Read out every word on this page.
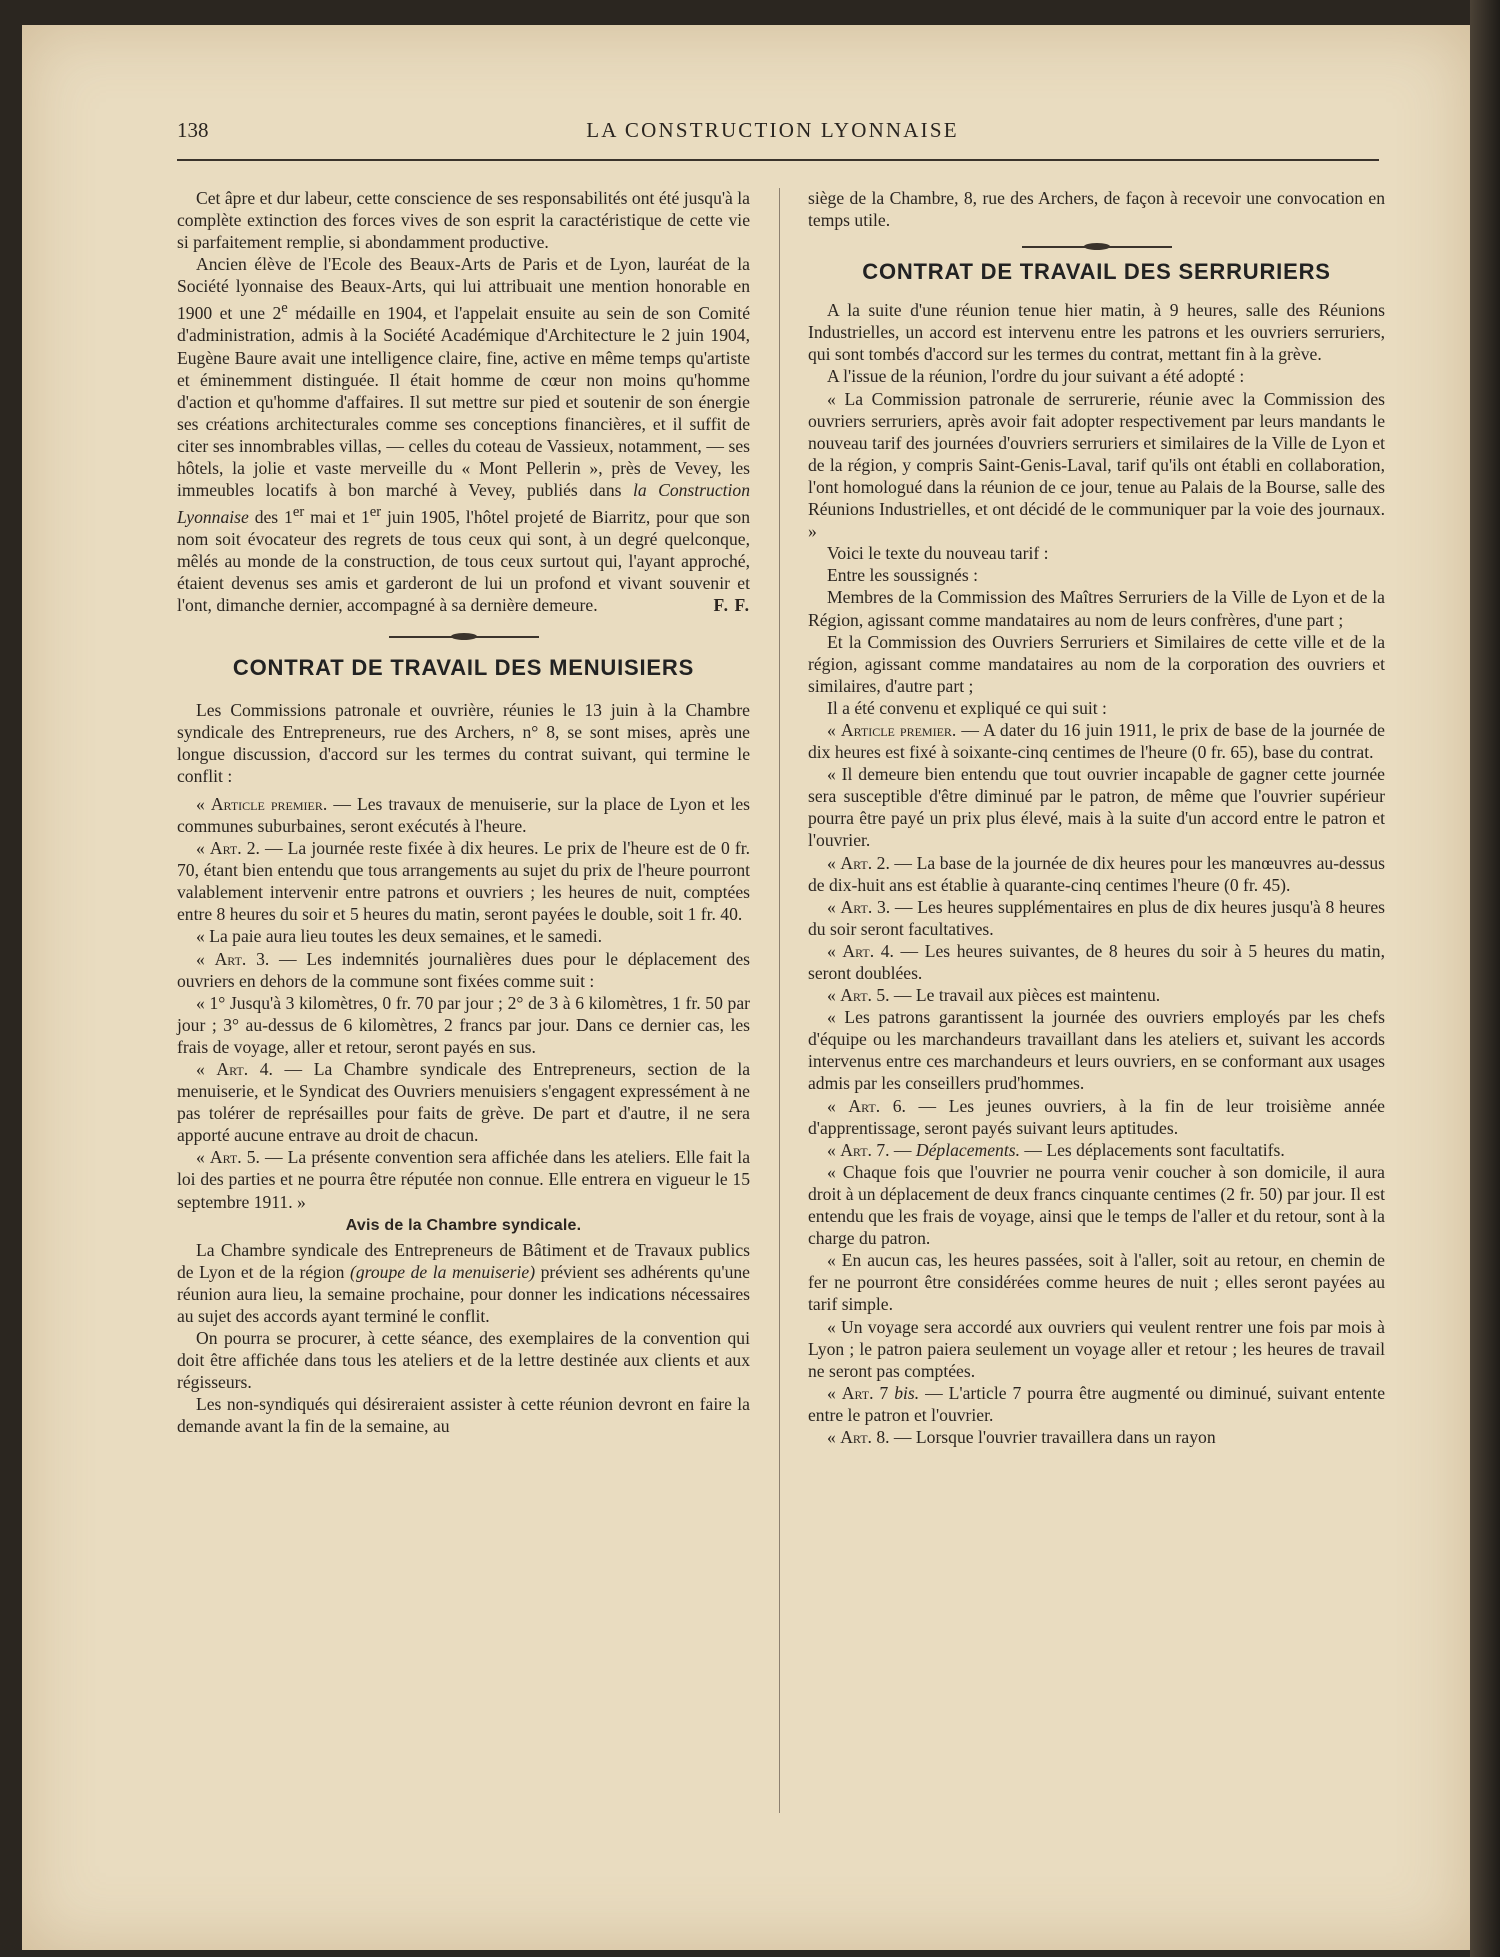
138	LA CONSTRUCTION LYONNAISE

Cet âpre et dur labeur, cette conscience de ses responsabilités ont été jusqu'à la complète extinction des forces vives de son esprit la caractéristique de cette vie si parfaitement remplie, si abondamment productive.

Ancien élève de l'Ecole des Beaux-Arts de Paris et de Lyon, lauréat de la Société lyonnaise des Beaux-Arts, qui lui attribuait une mention honorable en 1900 et une 2e médaille en 1904, et l'appelait ensuite au sein de son Comité d'administration, admis à la Société Académique d'Architecture le 2 juin 1904, Eugène Baure avait une intelligence claire, fine, active en même temps qu'artiste et éminemment distinguée. Il était homme de cœur non moins qu'homme d'action et qu'homme d'affaires. Il sut mettre sur pied et soutenir de son énergie ses créations architecturales comme ses conceptions financières, et il suffit de citer ses innombrables villas, — celles du coteau de Vassieux, notamment, — ses hôtels, la jolie et vaste merveille du « Mont Pellerin », près de Vevey, les immeubles locatifs à bon marché à Vevey, publiés dans la Construction Lyonnaise des 1er mai et 1er juin 1905, l'hôtel projeté de Biarritz, pour que son nom soit évocateur des regrets de tous ceux qui sont, à un degré quelconque, mêlés au monde de la construction, de tous ceux surtout qui, l'ayant approché, étaient devenus ses amis et garderont de lui un profond et vivant souvenir et l'ont, dimanche dernier, accompagné à sa dernière demeure.	F. F.

CONTRAT DE TRAVAIL DES MENUISIERS

Les Commissions patronale et ouvrière, réunies le 13 juin à la Chambre syndicale des Entrepreneurs, rue des Archers, n° 8, se sont mises, après une longue discussion, d'accord sur les termes du contrat suivant, qui termine le conflit :

« Article premier. — Les travaux de menuiserie, sur la place de Lyon et les communes suburbaines, seront exécutés à l'heure.

« Art. 2. — La journée reste fixée à dix heures. Le prix de l'heure est de 0 fr. 70, étant bien entendu que tous arrangements au sujet du prix de l'heure pourront valablement intervenir entre patrons et ouvriers ; les heures de nuit, comptées entre 8 heures du soir et 5 heures du matin, seront payées le double, soit 1 fr. 40.

« La paie aura lieu toutes les deux semaines, et le samedi.

« Art. 3. — Les indemnités journalières dues pour le déplacement des ouvriers en dehors de la commune sont fixées comme suit :

« 1° Jusqu'à 3 kilomètres, 0 fr. 70 par jour ; 2° de 3 à 6 kilomètres, 1 fr. 50 par jour ; 3° au-dessus de 6 kilomètres, 2 francs par jour. Dans ce dernier cas, les frais de voyage, aller et retour, seront payés en sus.

« Art. 4. — La Chambre syndicale des Entrepreneurs, section de la menuiserie, et le Syndicat des Ouvriers menuisiers s'engagent expressément à ne pas tolérer de représailles pour faits de grève. De part et d'autre, il ne sera apporté aucune entrave au droit de chacun.

« Art. 5. — La présente convention sera affichée dans les ateliers. Elle fait la loi des parties et ne pourra être réputée non connue. Elle entrera en vigueur le 15 septembre 1911. »

Avis de la Chambre syndicale.

La Chambre syndicale des Entrepreneurs de Bâtiment et de Travaux publics de Lyon et de la région (groupe de la menuiserie) prévient ses adhérents qu'une réunion aura lieu, la semaine prochaine, pour donner les indications nécessaires au sujet des accords ayant terminé le conflit.

On pourra se procurer, à cette séance, des exemplaires de la convention qui doit être affichée dans tous les ateliers et de la lettre destinée aux clients et aux régisseurs.

Les non-syndiqués qui désireraient assister à cette réunion devront en faire la demande avant la fin de la semaine, au

siège de la Chambre, 8, rue des Archers, de façon à recevoir une convocation en temps utile.

CONTRAT DE TRAVAIL DES SERRURIERS

A la suite d'une réunion tenue hier matin, à 9 heures, salle des Réunions Industrielles, un accord est intervenu entre les patrons et les ouvriers serruriers, qui sont tombés d'accord sur les termes du contrat, mettant fin à la grève.

A l'issue de la réunion, l'ordre du jour suivant a été adopté :

« La Commission patronale de serrurerie, réunie avec la Commission des ouvriers serruriers, après avoir fait adopter respectivement par leurs mandants le nouveau tarif des journées d'ouvriers serruriers et similaires de la Ville de Lyon et de la région, y compris Saint-Genis-Laval, tarif qu'ils ont établi en collaboration, l'ont homologué dans la réunion de ce jour, tenue au Palais de la Bourse, salle des Réunions Industrielles, et ont décidé de le communiquer par la voie des journaux. »

Voici le texte du nouveau tarif :

Entre les soussignés :

Membres de la Commission des Maîtres Serruriers de la Ville de Lyon et de la Région, agissant comme mandataires au nom de leurs confrères, d'une part ;

Et la Commission des Ouvriers Serruriers et Similaires de cette ville et de la région, agissant comme mandataires au nom de la corporation des ouvriers et similaires, d'autre part ;

Il a été convenu et expliqué ce qui suit :

« Article premier. — A dater du 16 juin 1911, le prix de base de la journée de dix heures est fixé à soixante-cinq centimes de l'heure (0 fr. 65), base du contrat.

« Il demeure bien entendu que tout ouvrier incapable de gagner cette journée sera susceptible d'être diminué par le patron, de même que l'ouvrier supérieur pourra être payé un prix plus élevé, mais à la suite d'un accord entre le patron et l'ouvrier.

« Art. 2. — La base de la journée de dix heures pour les manœuvres au-dessus de dix-huit ans est établie à quarante-cinq centimes l'heure (0 fr. 45).

« Art. 3. — Les heures supplémentaires en plus de dix heures jusqu'à 8 heures du soir seront facultatives.

« Art. 4. — Les heures suivantes, de 8 heures du soir à 5 heures du matin, seront doublées.

« Art. 5. — Le travail aux pièces est maintenu.

« Les patrons garantissent la journée des ouvriers employés par les chefs d'équipe ou les marchandeurs travaillant dans les ateliers et, suivant les accords intervenus entre ces marchandeurs et leurs ouvriers, en se conformant aux usages admis par les conseillers prud'hommes.

« Art. 6. — Les jeunes ouvriers, à la fin de leur troisième année d'apprentissage, seront payés suivant leurs aptitudes.

« Art. 7. — Déplacements. — Les déplacements sont facultatifs.

« Chaque fois que l'ouvrier ne pourra venir coucher à son domicile, il aura droit à un déplacement de deux francs cinquante centimes (2 fr. 50) par jour. Il est entendu que les frais de voyage, ainsi que le temps de l'aller et du retour, sont à la charge du patron.

« En aucun cas, les heures passées, soit à l'aller, soit au retour, en chemin de fer ne pourront être considérées comme heures de nuit ; elles seront payées au tarif simple.

« Un voyage sera accordé aux ouvriers qui veulent rentrer une fois par mois à Lyon ; le patron paiera seulement un voyage aller et retour ; les heures de travail ne seront pas comptées.

« Art. 7 bis. — L'article 7 pourra être augmenté ou diminué, suivant entente entre le patron et l'ouvrier.

« Art. 8. — Lorsque l'ouvrier travaillera dans un rayon
